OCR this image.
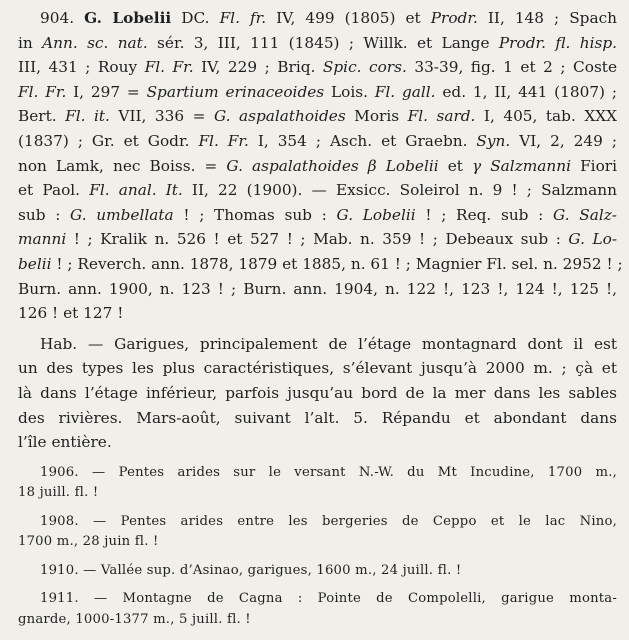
904. G. Lobelii DC. Fl. fr. IV, 499 (1805) et Prodr. II, 148 ; Spach
in Ann. sc. nat. sér. 3, III, 111 (1845) ; Willk. et Lange Prodr. fl. hisp.
III, 431 ; Rouy Fl. Fr. IV, 229 ; Briq. Spic. cors. 33-39, fig. 1 et 2 ; Coste
Fl. Fr. I, 297 = Spartium erinaceoides Lois. Fl. gall. ed. 1, II, 441 (1807) ;
Bert. Fl. it. VII, 336 = G. aspalathoides Moris Fl. sard. I, 405, tab. XXX
(1837) ; Gr. et Godr. Fl. Fr. I, 354 ; Asch. et Graebn. Syn. VI, 2, 249 ;
non Lamk, nec Boiss. = G. aspalathoides β Lobelii et γ Salzmanni Fiori
et Paol. Fl. anal. It. II, 22 (1900). — Exsicc. Soleirol n. 9 ! ; Salzmann
sub : G. umbellata ! ; Thomas sub : G. Lobelii ! ; Req. sub : G. Salz-
manni ! ; Kralik n. 526 ! et 527 ! ; Mab. n. 359 ! ; Debeaux sub : G. Lo-
belii ! ; Reverch. ann. 1878, 1879 et 1885, n. 61 ! ; Magnier Fl. sel. n. 2952 ! ;
Burn. ann. 1900, n. 123 ! ; Burn. ann. 1904, n. 122 !, 123 !, 124 !, 125 !,
126 ! et 127 !
Hab. — Garigues, principalement de l’étage montagnard dont il est
un des types les plus caractéristiques, s’élevant jusqu’à 2000 m. ; çà et
là dans l’étage inférieur, parfois jusqu’au bord de la mer dans les sables
des rivières. Mars-août, suivant l’alt. 5. Répandu et abondant dans
l’île entière.
1906. — Pentes arides sur le versant N.-W. du Mt Incudine, 1700 m.,
18 juill. fl. !
1908. — Pentes arides entre les bergeries de Ceppo et le lac Nino,
1700 m., 28 juin fl. !
1910. — Vallée sup. d’Asinao, garigues, 1600 m., 24 juill. fl. !
1911. — Montagne de Cagna : Pointe de Compolelli, garigue monta-
gnarde, 1000-1377 m., 5 juill. fl. !
